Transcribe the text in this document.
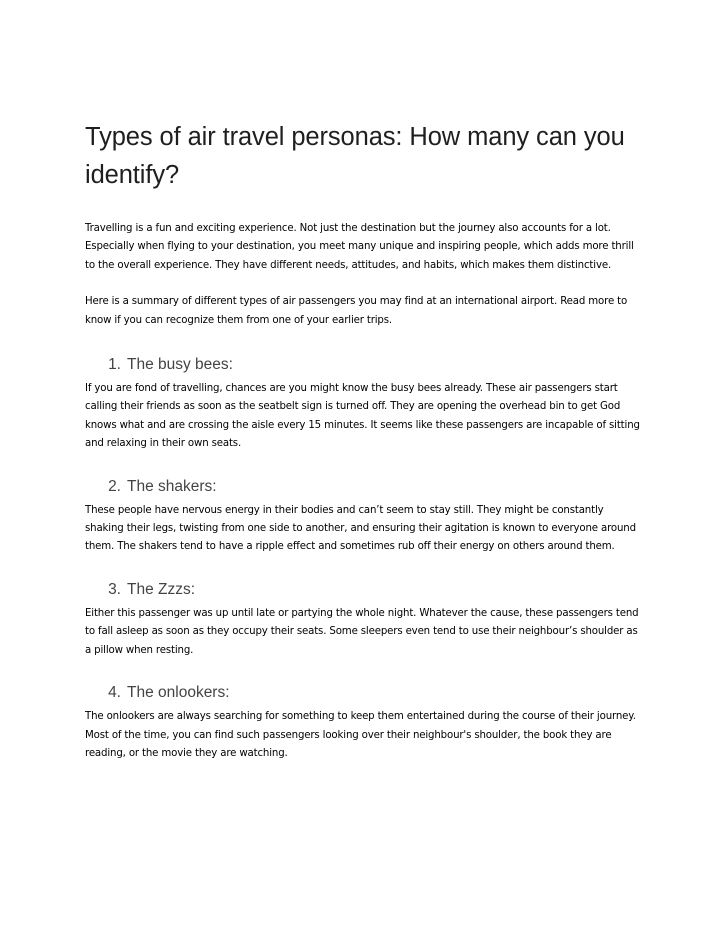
Types of air travel personas: How many can you identify?

Travelling is a fun and exciting experience. Not just the destination but the journey also accounts for a lot. Especially when flying to your destination, you meet many unique and inspiring people, which adds more thrill to the overall experience. They have different needs, attitudes, and habits, which makes them distinctive.

Here is a summary of different types of air passengers you may find at an international airport. Read more to know if you can recognize them from one of your earlier trips.

1. The busy bees:

If you are fond of travelling, chances are you might know the busy bees already. These air passengers start calling their friends as soon as the seatbelt sign is turned off. They are opening the overhead bin to get God knows what and are crossing the aisle every 15 minutes. It seems like these passengers are incapable of sitting and relaxing in their own seats.

2. The shakers:

These people have nervous energy in their bodies and can’t seem to stay still. They might be constantly shaking their legs, twisting from one side to another, and ensuring their agitation is known to everyone around them. The shakers tend to have a ripple effect and sometimes rub off their energy on others around them.

3. The Zzzs:

Either this passenger was up until late or partying the whole night. Whatever the cause, these passengers tend to fall asleep as soon as they occupy their seats. Some sleepers even tend to use their neighbour’s shoulder as a pillow when resting.

4. The onlookers:

The onlookers are always searching for something to keep them entertained during the course of their journey. Most of the time, you can find such passengers looking over their neighbour's shoulder, the book they are reading, or the movie they are watching.
